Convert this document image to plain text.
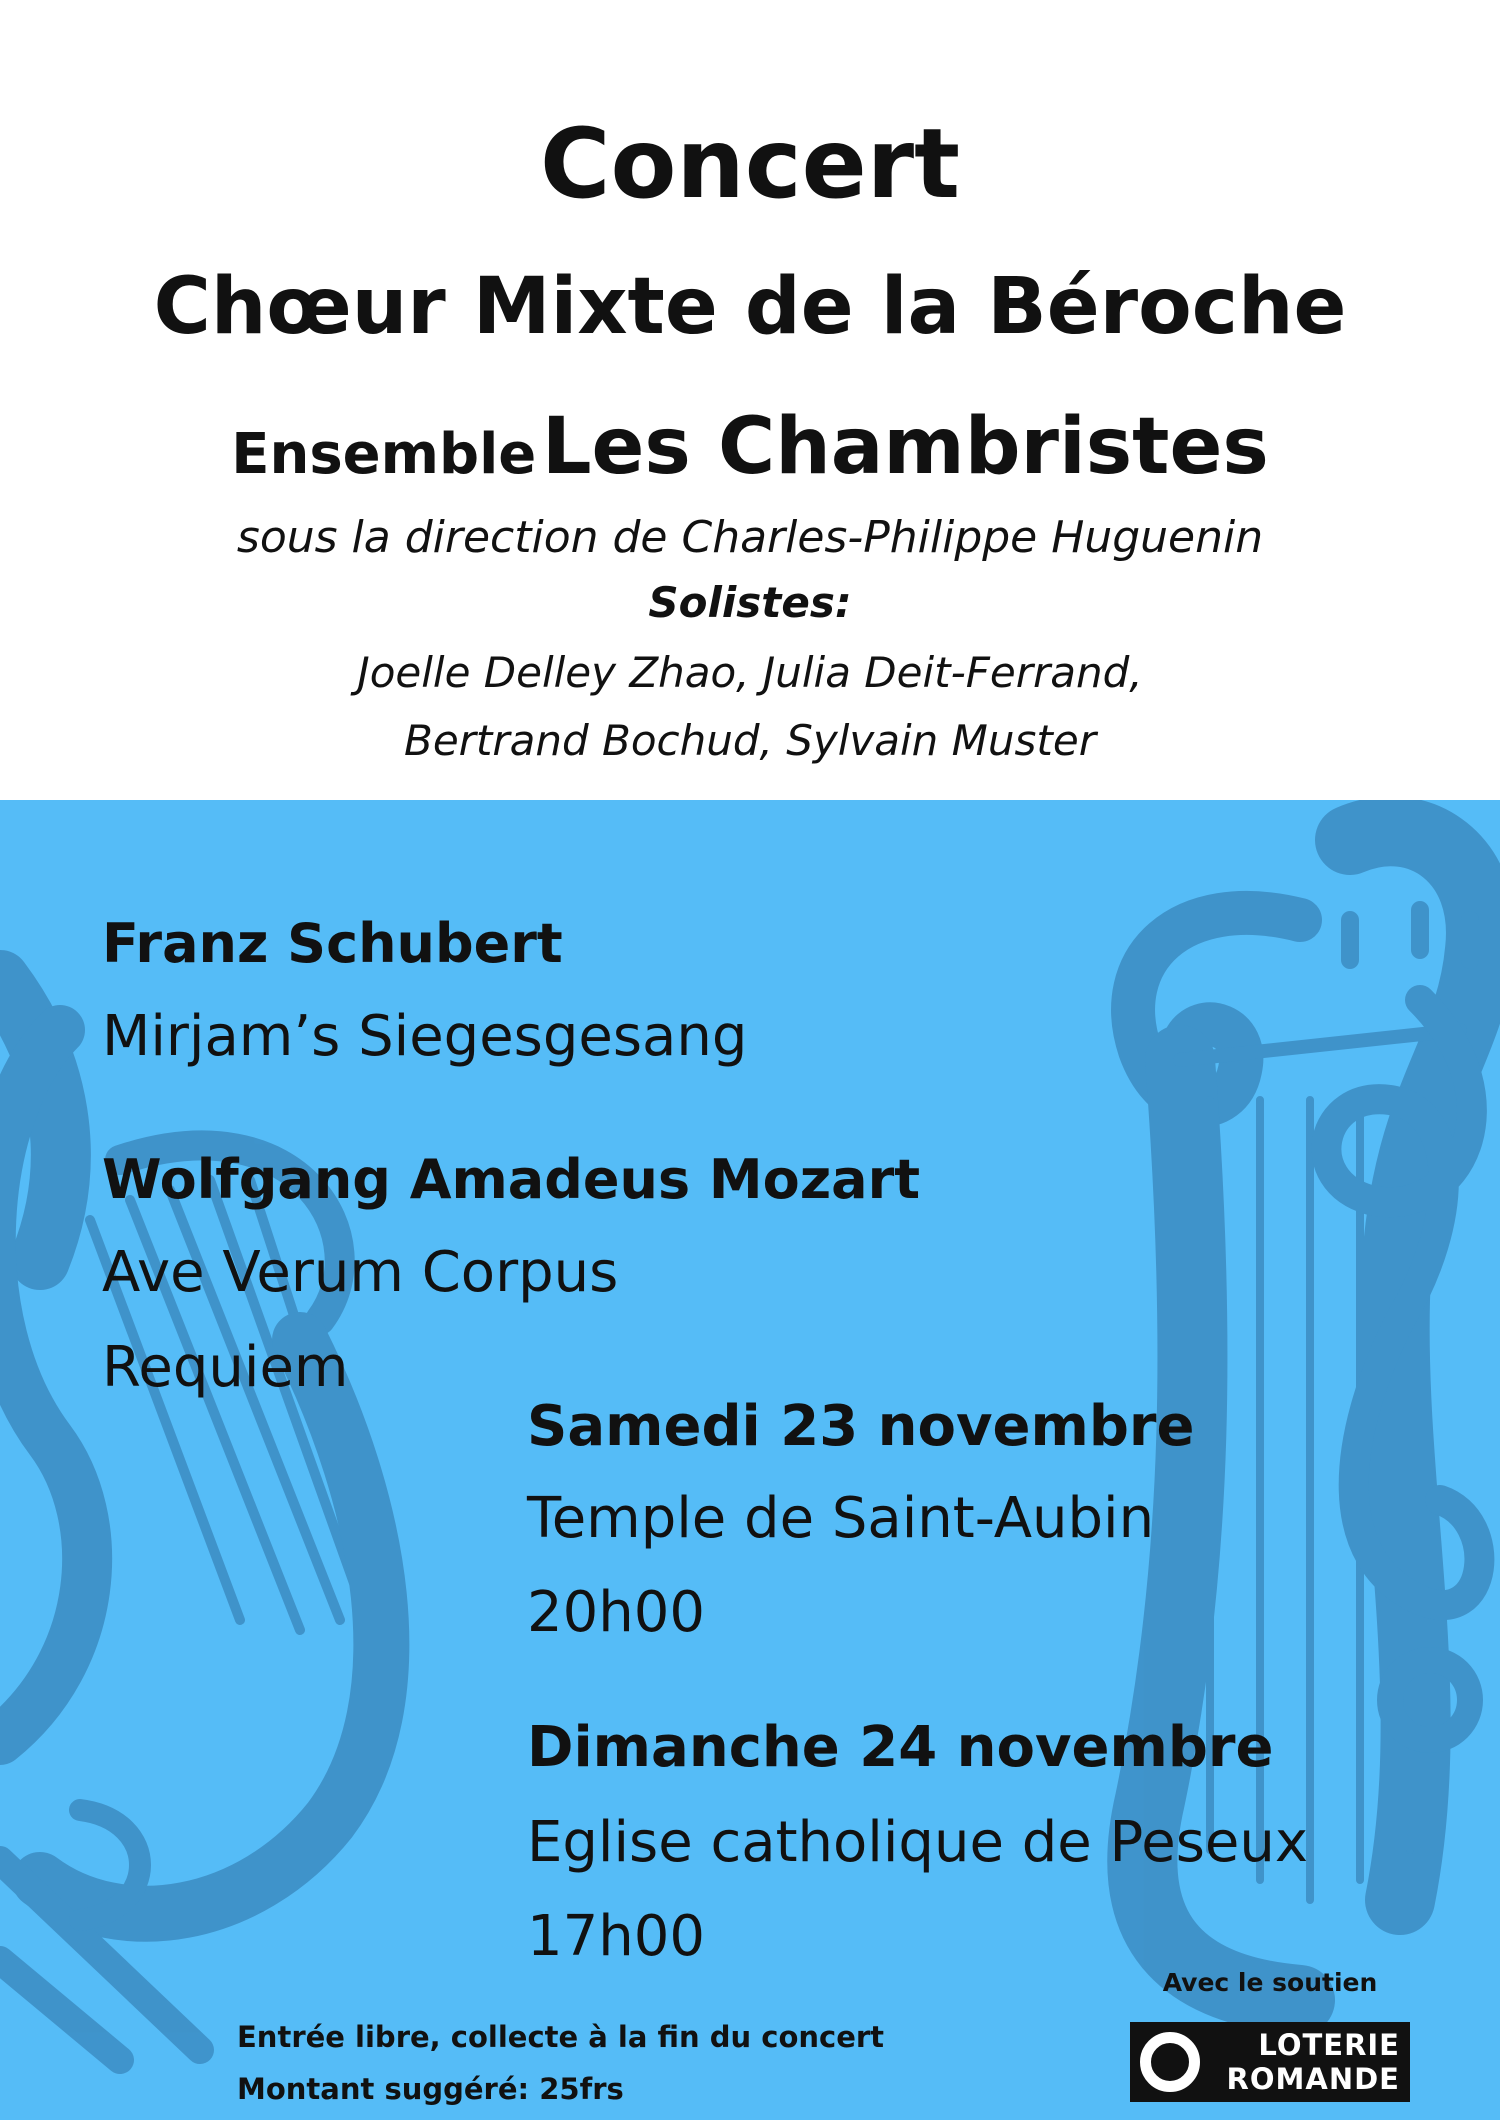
Concert
Chœur Mixte de la Béroche
Ensemble Les Chambristes
sous la direction de Charles-Philippe Huguenin
Solistes:
Joelle Delley Zhao, Julia Deit-Ferrand,
Bertrand Bochud, Sylvain Muster
Franz Schubert
Mirjam’s Siegesgesang
Wolfgang Amadeus Mozart
Ave Verum Corpus
Requiem
Samedi 23 novembre
Temple de Saint-Aubin
20h00
Dimanche 24 novembre
Eglise catholique de Peseux
17h00
Entrée libre, collecte à la fin du concert
Montant suggéré: 25frs
Avec le soutien
LOTERIE
ROMANDE
